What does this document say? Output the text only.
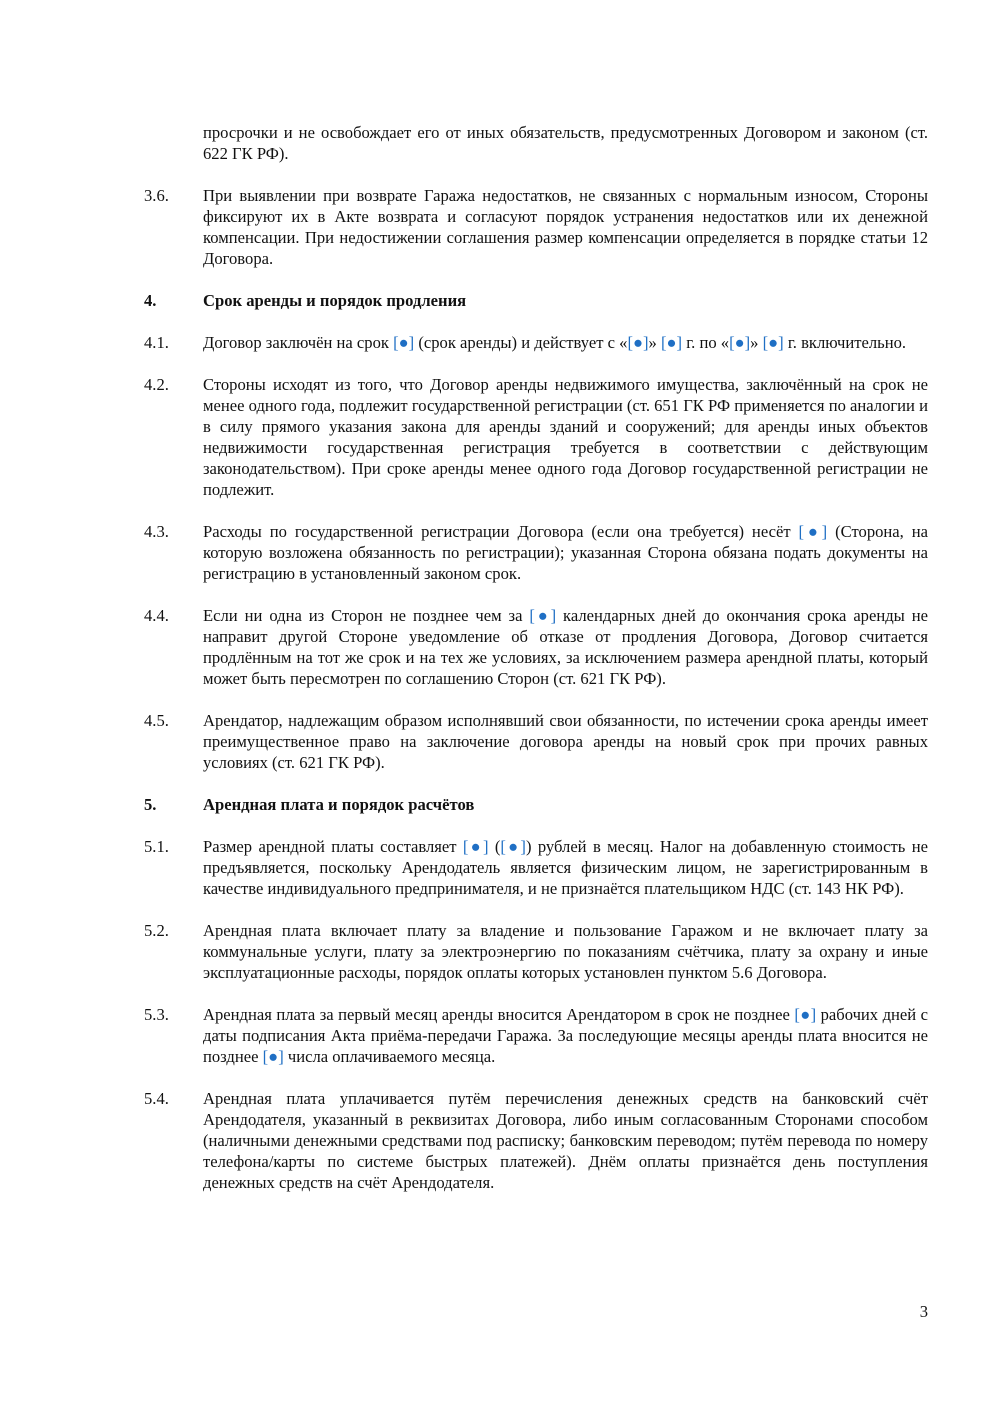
просрочки и не освобождает его от иных обязательств, предусмотренных Договором и законом (ст. 622 ГК РФ).
3.6. При выявлении при возврате Гаража недостатков, не связанных с нормальным износом, Стороны фиксируют их в Акте возврата и согласуют порядок устранения недостатков или их денежной компенсации. При недостижении соглашения размер компенсации определяется в порядке статьи 12 Договора.
4.	Срок аренды и порядок продления
4.1. Договор заключён на срок [●] (срок аренды) и действует с «[●]» [●] г. по «[●]» [●] г. включительно.
4.2. Стороны исходят из того, что Договор аренды недвижимого имущества, заключённый на срок не менее одного года, подлежит государственной регистрации (ст. 651 ГК РФ применяется по аналогии и в силу прямого указания закона для аренды зданий и сооружений; для аренды иных объектов недвижимости государственная регистрация требуется в соответствии с действующим законодательством). При сроке аренды менее одного года Договор государственной регистрации не подлежит.
4.3. Расходы по государственной регистрации Договора (если она требуется) несёт [●] (Сторона, на которую возложена обязанность по регистрации); указанная Сторона обязана подать документы на регистрацию в установленный законом срок.
4.4. Если ни одна из Сторон не позднее чем за [●] календарных дней до окончания срока аренды не направит другой Стороне уведомление об отказе от продления Договора, Договор считается продлённым на тот же срок и на тех же условиях, за исключением размера арендной платы, который может быть пересмотрен по соглашению Сторон (ст. 621 ГК РФ).
4.5. Арендатор, надлежащим образом исполнявший свои обязанности, по истечении срока аренды имеет преимущественное право на заключение договора аренды на новый срок при прочих равных условиях (ст. 621 ГК РФ).
5.	Арендная плата и порядок расчётов
5.1. Размер арендной платы составляет [●] ([●]) рублей в месяц. Налог на добавленную стоимость не предъявляется, поскольку Арендодатель является физическим лицом, не зарегистрированным в качестве индивидуального предпринимателя, и не признаётся плательщиком НДС (ст. 143 НК РФ).
5.2. Арендная плата включает плату за владение и пользование Гаражом и не включает плату за коммунальные услуги, плату за электроэнергию по показаниям счётчика, плату за охрану и иные эксплуатационные расходы, порядок оплаты которых установлен пунктом 5.6 Договора.
5.3. Арендная плата за первый месяц аренды вносится Арендатором в срок не позднее [●] рабочих дней с даты подписания Акта приёма-передачи Гаража. За последующие месяцы аренды плата вносится не позднее [●] числа оплачиваемого месяца.
5.4. Арендная плата уплачивается путём перечисления денежных средств на банковский счёт Арендодателя, указанный в реквизитах Договора, либо иным согласованным Сторонами способом (наличными денежными средствами под расписку; банковским переводом; путём перевода по номеру телефона/карты по системе быстрых платежей). Днём оплаты признаётся день поступления денежных средств на счёт Арендодателя.
3
